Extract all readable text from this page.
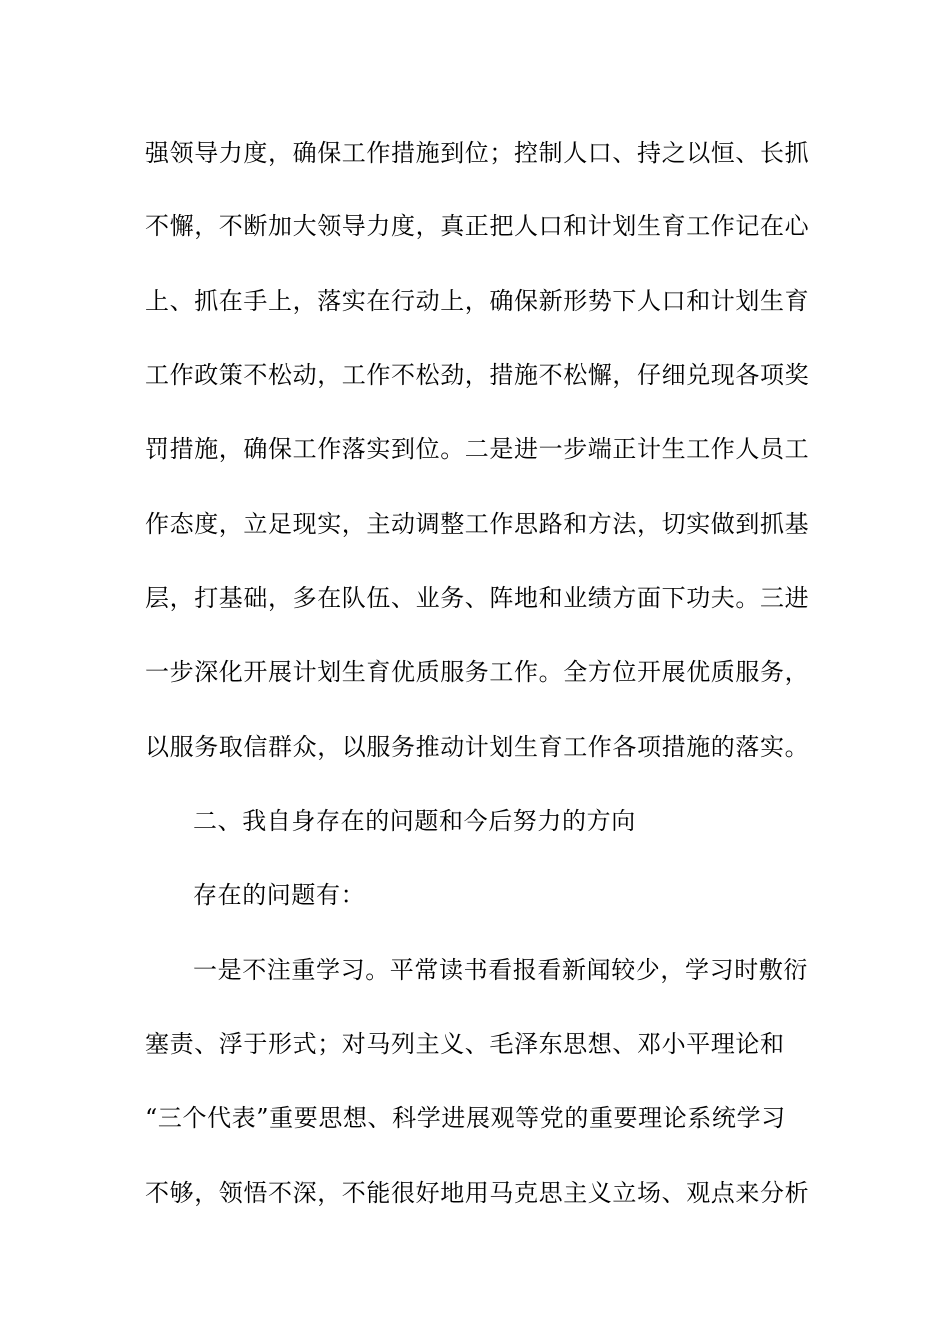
强领导力度，确保工作措施到位；控制人口、持之以恒、长抓
不懈，不断加大领导力度，真正把人口和计划生育工作记在心
上、抓在手上，落实在行动上，确保新形势下人口和计划生育
工作政策不松动，工作不松劲，措施不松懈，仔细兑现各项奖
罚措施，确保工作落实到位。二是进一步端正计生工作人员工
作态度，立足现实，主动调整工作思路和方法，切实做到抓基
层，打基础，多在队伍、业务、阵地和业绩方面下功夫。三进
一步深化开展计划生育优质服务工作。全方位开展优质服务，
以服务取信群众，以服务推动计划生育工作各项措施的落实。
二、我自身存在的问题和今后努力的方向
存在的问题有：
一是不注重学习。平常读书看报看新闻较少，学习时敷衍
塞责、浮于形式；对马列主义、毛泽东思想、邓小平理论和
“三个代表”重要思想、科学进展观等党的重要理论系统学习
不够，领悟不深，不能很好地用马克思主义立场、观点来分析
